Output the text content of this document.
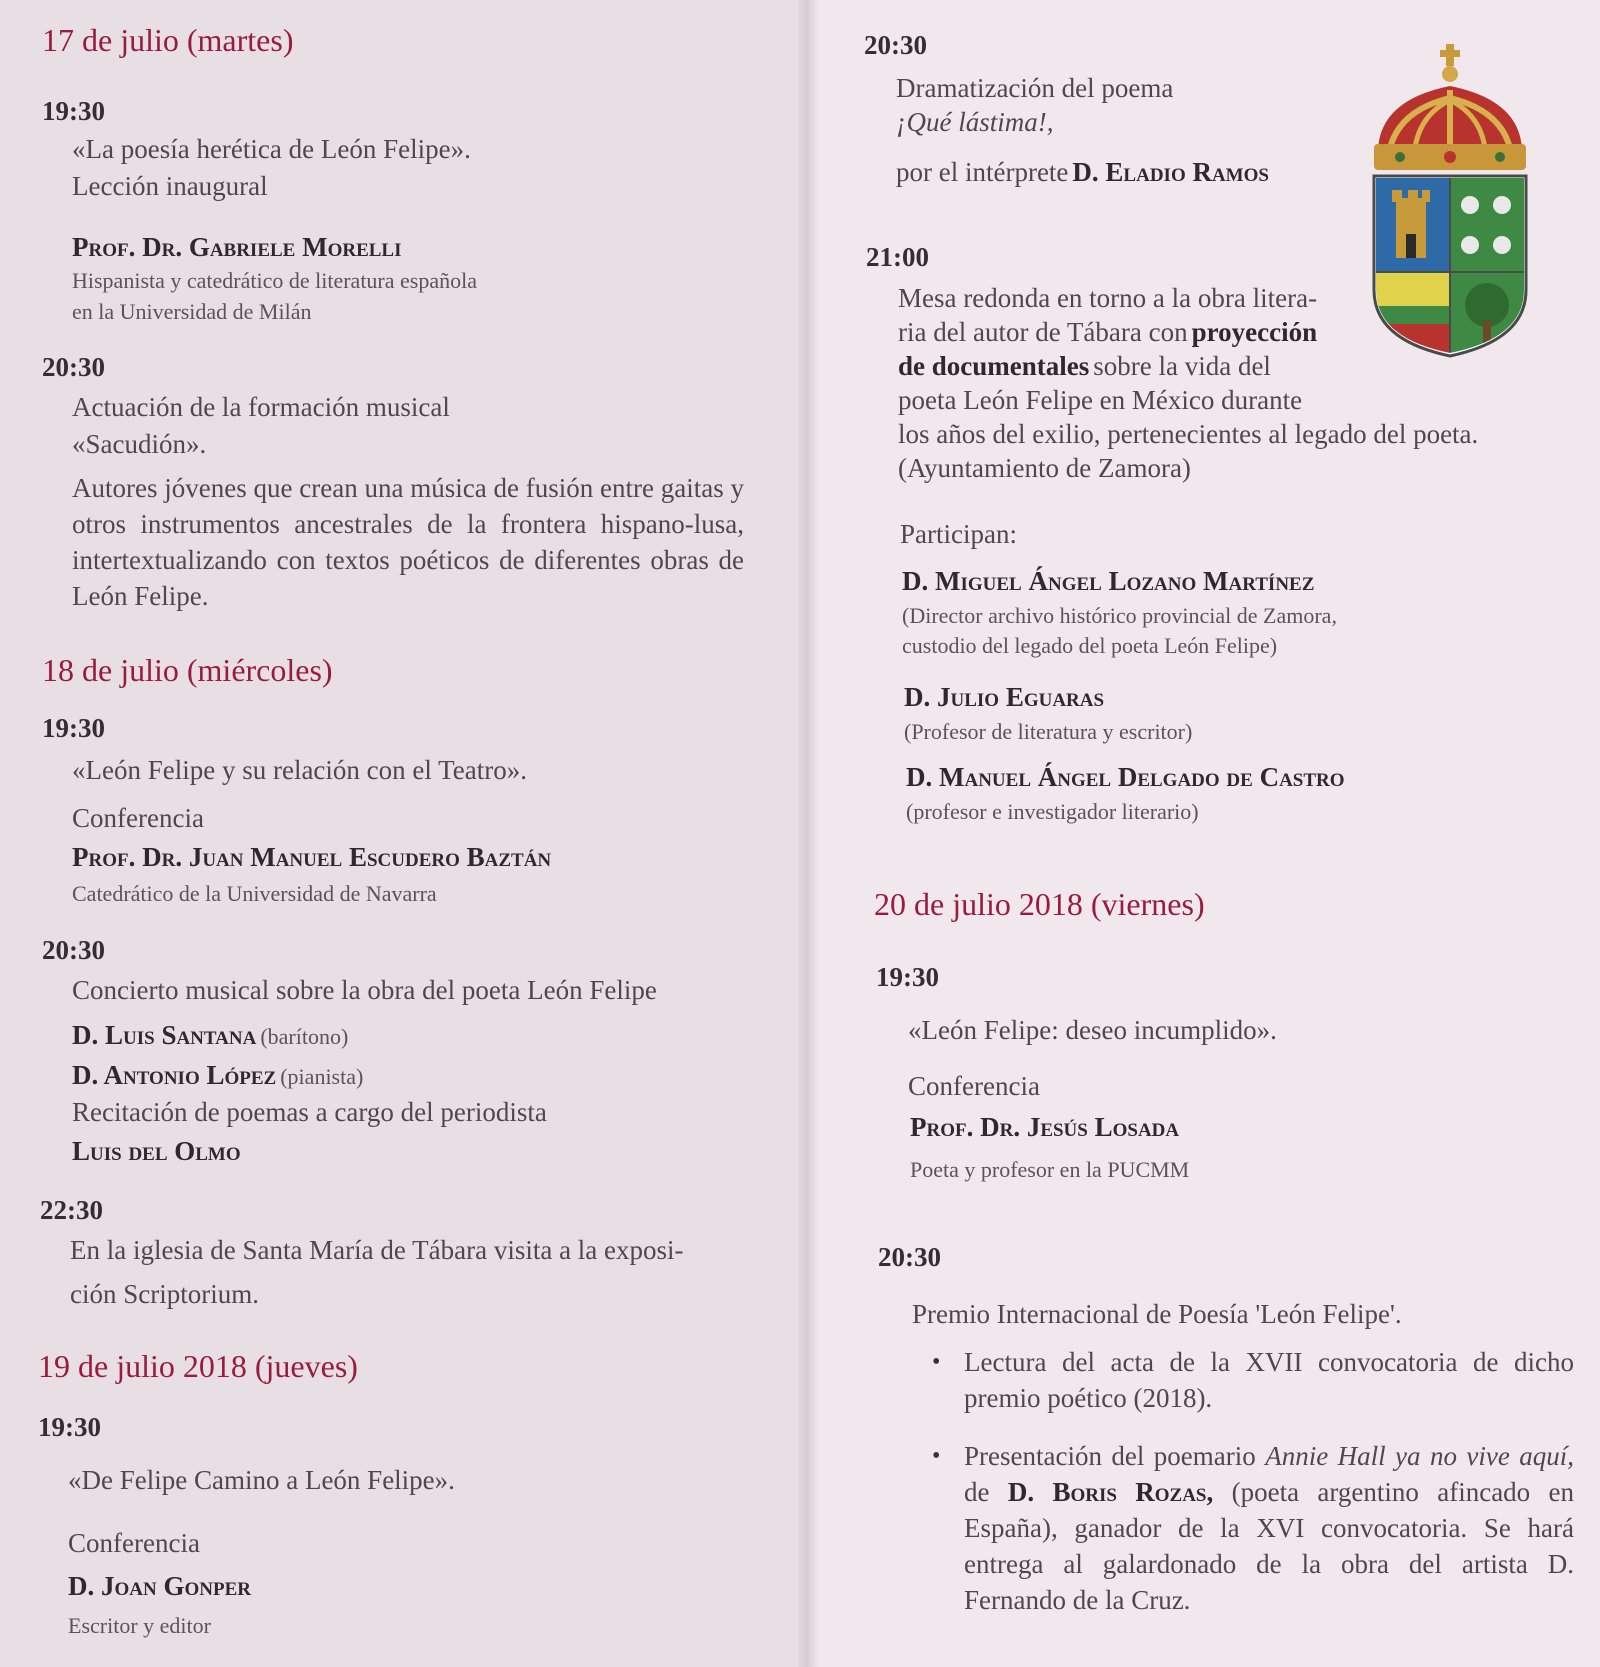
17 de julio (martes)
19:30
«La poesía herética de León Felipe».
Lección inaugural
Prof. Dr. Gabriele Morelli
Hispanista y catedrático de literatura española
en la Universidad de Milán
20:30
Actuación de la formación musical
«Sacudión».
Autores jóvenes que crean una música de fusión entre gaitas y otros instrumentos ancestrales de la frontera hispano-lusa, intertextualizando con textos poéticos de diferentes obras de León Felipe.
18 de julio (miércoles)
19:30
«León Felipe y su relación con el Teatro».
Conferencia
Prof. Dr. Juan Manuel Escudero Baztán
Catedrático de la Universidad de Navarra
20:30
Concierto musical sobre la obra del poeta León Felipe
D. Luis Santana (barítono)
D. Antonio López (pianista)
Recitación de poemas a cargo del periodista
Luis del Olmo
22:30
En la iglesia de Santa María de Tábara visita a la exposi-
ción Scriptorium.
19 de julio 2018 (jueves)
19:30
«De Felipe Camino a León Felipe».
Conferencia
D. Joan Gonper
Escritor y editor
20:30
Dramatización del poema
¡Qué lástima!,
por el intérprete D. Eladio Ramos
21:00
Mesa redonda en torno a la obra litera-
ria del autor de Tábara con proyección
de documentales sobre la vida del
poeta León Felipe en México durante
los años del exilio, pertenecientes al legado del poeta.
(Ayuntamiento de Zamora)
Participan:
D. Miguel Ángel Lozano Martínez
(Director archivo histórico provincial de Zamora,
custodio del legado del poeta León Felipe)
D. Julio Eguaras
(Profesor de literatura y escritor)
D. Manuel Ángel Delgado de Castro
(profesor e investigador literario)
20 de julio 2018 (viernes)
19:30
«León Felipe: deseo incumplido».
Conferencia
Prof. Dr. Jesús Losada
Poeta y profesor en la PUCMM
20:30
Premio Internacional de Poesía 'León Felipe'.
• Lectura del acta de la XVII convocatoria de dicho premio poético (2018).
• Presentación del poemario Annie Hall ya no vive aquí, de D. Boris Rozas, (poeta argentino afincado en España), ganador de la XVI convocatoria. Se hará entrega al galardonado de la obra del artista D. Fernando de la Cruz.
